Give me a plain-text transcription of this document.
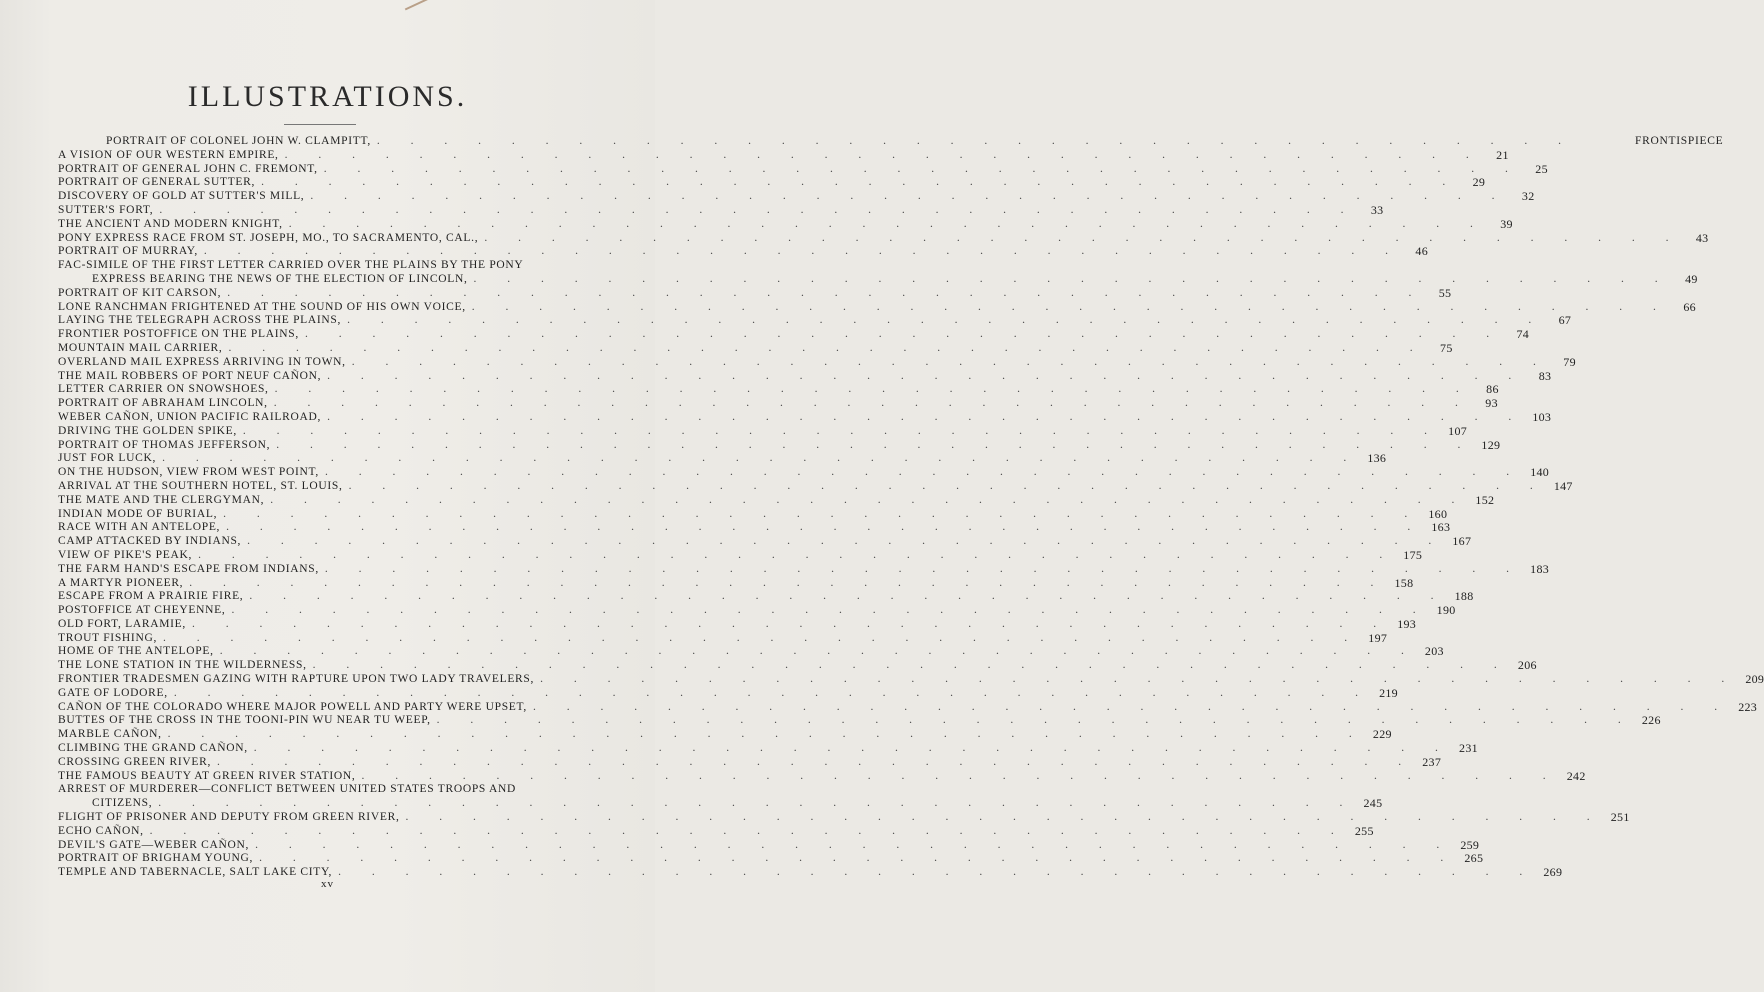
ILLUSTRATIONS.
PORTRAIT OF COLONEL JOHN W. CLAMPITT, . . . . . . . . . . . . . . . . . . . . . . . . . . . . . . . . . . . .	FRONTISPIECE
A VISION OF OUR WESTERN EMPIRE, . . . . . . . . . . . . . . . . . . . . . . . . . . . . . . . . . . . .	21
PORTRAIT OF GENERAL JOHN C. FREMONT, . . . . . . . . . . . . . . . . . . . . . . . . . . . . . . . . . . . .	25
PORTRAIT OF GENERAL SUTTER, . . . . . . . . . . . . . . . . . . . . . . . . . . . . . . . . . . . .	29
DISCOVERY OF GOLD AT SUTTER'S MILL, . . . . . . . . . . . . . . . . . . . . . . . . . . . . . . . . . . . .	32
SUTTER'S FORT, . . . . . . . . . . . . . . . . . . . . . . . . . . . . . . . . . . . .	33
THE ANCIENT AND MODERN KNIGHT, . . . . . . . . . . . . . . . . . . . . . . . . . . . . . . . . . . . .	39
PONY EXPRESS RACE FROM ST. JOSEPH, MO., TO SACRAMENTO, CAL., . . . . . . . . . . . . . . . . . . . . . . . . . . . . . . . . . . . .	43
PORTRAIT OF MURRAY, . . . . . . . . . . . . . . . . . . . . . . . . . . . . . . . . . . . .	46
FAC-SIMILE OF THE FIRST LETTER CARRIED OVER THE PLAINS BY THE PONY
EXPRESS BEARING THE NEWS OF THE ELECTION OF LINCOLN, . . . . . . . . . . . . . . . . . . . . . . . . . . . . . . . . . . . .	49
PORTRAIT OF KIT CARSON, . . . . . . . . . . . . . . . . . . . . . . . . . . . . . . . . . . . .	55
LONE RANCHMAN FRIGHTENED AT THE SOUND OF HIS OWN VOICE, . . . . . . . . . . . . . . . . . . . . . . . . . . . . . . . . . . . .	66
LAYING THE TELEGRAPH ACROSS THE PLAINS, . . . . . . . . . . . . . . . . . . . . . . . . . . . . . . . . . . . .	67
FRONTIER POSTOFFICE ON THE PLAINS, . . . . . . . . . . . . . . . . . . . . . . . . . . . . . . . . . . . .	74
MOUNTAIN MAIL CARRIER, . . . . . . . . . . . . . . . . . . . . . . . . . . . . . . . . . . . .	75
OVERLAND MAIL EXPRESS ARRIVING IN TOWN, . . . . . . . . . . . . . . . . . . . . . . . . . . . . . . . . . . . .	79
THE MAIL ROBBERS OF PORT NEUF CAÑON, . . . . . . . . . . . . . . . . . . . . . . . . . . . . . . . . . . . .	83
LETTER CARRIER ON SNOWSHOES, . . . . . . . . . . . . . . . . . . . . . . . . . . . . . . . . . . . .	86
PORTRAIT OF ABRAHAM LINCOLN, . . . . . . . . . . . . . . . . . . . . . . . . . . . . . . . . . . . .	93
WEBER CAÑON, UNION PACIFIC RAILROAD, . . . . . . . . . . . . . . . . . . . . . . . . . . . . . . . . . . . . 103
DRIVING THE GOLDEN SPIKE, . . . . . . . . . . . . . . . . . . . . . . . . . . . . . . . . . . . . 107
PORTRAIT OF THOMAS JEFFERSON, . . . . . . . . . . . . . . . . . . . . . . . . . . . . . . . . . . . . 129
JUST FOR LUCK, . . . . . . . . . . . . . . . . . . . . . . . . . . . . . . . . . . . . 136
ON THE HUDSON, VIEW FROM WEST POINT, . . . . . . . . . . . . . . . . . . . . . . . . . . . . . . . . . . . . 140
ARRIVAL AT THE SOUTHERN HOTEL, ST. LOUIS, . . . . . . . . . . . . . . . . . . . . . . . . . . . . . . . . . . . . 147
THE MATE AND THE CLERGYMAN, . . . . . . . . . . . . . . . . . . . . . . . . . . . . . . . . . . . . 152
INDIAN MODE OF BURIAL, . . . . . . . . . . . . . . . . . . . . . . . . . . . . . . . . . . . . 160
RACE WITH AN ANTELOPE, . . . . . . . . . . . . . . . . . . . . . . . . . . . . . . . . . . . . 163
CAMP ATTACKED BY INDIANS, . . . . . . . . . . . . . . . . . . . . . . . . . . . . . . . . . . . . 167
VIEW OF PIKE'S PEAK, . . . . . . . . . . . . . . . . . . . . . . . . . . . . . . . . . . . . 175
THE FARM HAND'S ESCAPE FROM INDIANS, . . . . . . . . . . . . . . . . . . . . . . . . . . . . . . . . . . . . 183
A MARTYR PIONEER, . . . . . . . . . . . . . . . . . . . . . . . . . . . . . . . . . . . . 158
ESCAPE FROM A PRAIRIE FIRE, . . . . . . . . . . . . . . . . . . . . . . . . . . . . . . . . . . . . 188
POSTOFFICE AT CHEYENNE, . . . . . . . . . . . . . . . . . . . . . . . . . . . . . . . . . . . . 190
OLD FORT, LARAMIE, . . . . . . . . . . . . . . . . . . . . . . . . . . . . . . . . . . . . 193
TROUT FISHING, . . . . . . . . . . . . . . . . . . . . . . . . . . . . . . . . . . . . 197
HOME OF THE ANTELOPE, . . . . . . . . . . . . . . . . . . . . . . . . . . . . . . . . . . . . 203
THE LONE STATION IN THE WILDERNESS, . . . . . . . . . . . . . . . . . . . . . . . . . . . . . . . . . . . . 206
FRONTIER TRADESMEN GAZING WITH RAPTURE UPON TWO LADY TRAVELERS, . . . . . . . . . . . . . . . . . . . . . . . . . . . . . . . . . . . . 209
GATE OF LODORE, . . . . . . . . . . . . . . . . . . . . . . . . . . . . . . . . . . . . 219
CAÑON OF THE COLORADO WHERE MAJOR POWELL AND PARTY WERE UPSET, . . . . . . . . . . . . . . . . . . . . . . . . . . . . . . . . . . . . 223
BUTTES OF THE CROSS IN THE TOONI-PIN WU NEAR TU WEEP, . . . . . . . . . . . . . . . . . . . . . . . . . . . . . . . . . . . . 226
MARBLE CAÑON, . . . . . . . . . . . . . . . . . . . . . . . . . . . . . . . . . . . . 229
CLIMBING THE GRAND CAÑON, . . . . . . . . . . . . . . . . . . . . . . . . . . . . . . . . . . . . 231
CROSSING GREEN RIVER, . . . . . . . . . . . . . . . . . . . . . . . . . . . . . . . . . . . . 237
THE FAMOUS BEAUTY AT GREEN RIVER STATION, . . . . . . . . . . . . . . . . . . . . . . . . . . . . . . . . . . . . 242
ARREST OF MURDERER—CONFLICT BETWEEN UNITED STATES TROOPS AND
CITIZENS, . . . . . . . . . . . . . . . . . . . . . . . . . . . . . . . . . . . . 245
FLIGHT OF PRISONER AND DEPUTY FROM GREEN RIVER, . . . . . . . . . . . . . . . . . . . . . . . . . . . . . . . . . . . . 251
ECHO CAÑON, . . . . . . . . . . . . . . . . . . . . . . . . . . . . . . . . . . . . 255
DEVIL'S GATE—WEBER CAÑON, . . . . . . . . . . . . . . . . . . . . . . . . . . . . . . . . . . . . 259
PORTRAIT OF BRIGHAM YOUNG, . . . . . . . . . . . . . . . . . . . . . . . . . . . . . . . . . . . . 265
TEMPLE AND TABERNACLE, SALT LAKE CITY, . . . . . . . . . . . . . . . . . . . . . . . . . . . . . . . . . . . . 269
xv
